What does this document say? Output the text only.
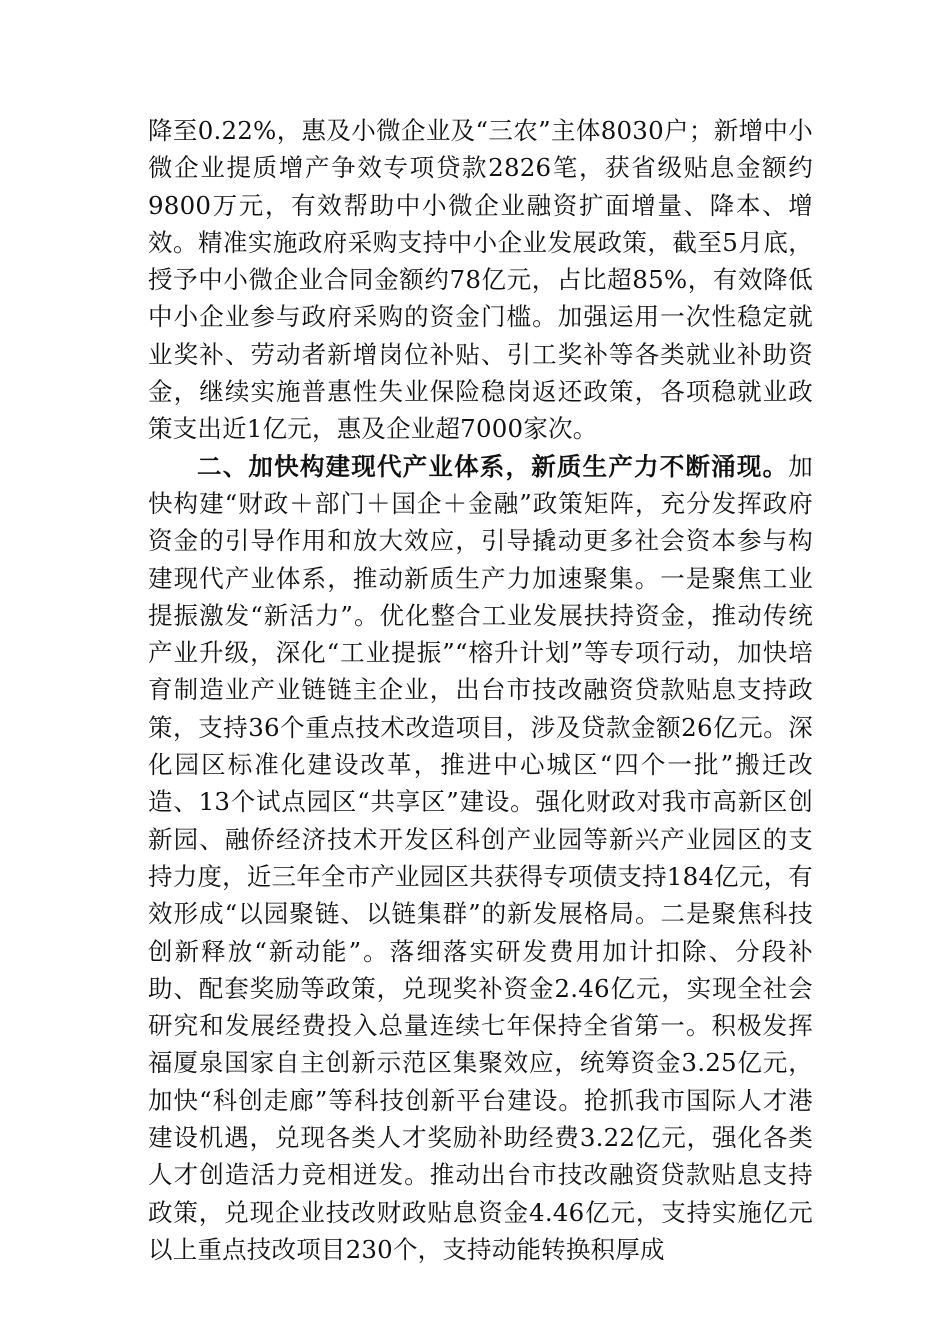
降至0.22%，惠及小微企业及“三农”主体8030户；新增中小微企业提质增产争效专项贷款2826笔，获省级贴息金额约9800万元，有效帮助中小微企业融资扩面增量、降本、增效。精准实施政府采购支持中小企业发展政策，截至5月底，授予中小微企业合同金额约78亿元，占比超85%，有效降低中小企业参与政府采购的资金门槛。加强运用一次性稳定就业奖补、劳动者新增岗位补贴、引工奖补等各类就业补助资金，继续实施普惠性失业保险稳岗返还政策，各项稳就业政策支出近1亿元，惠及企业超7000家次。

二、加快构建现代产业体系，新质生产力不断涌现。加快构建“财政＋部门＋国企＋金融”政策矩阵，充分发挥政府资金的引导作用和放大效应，引导撬动更多社会资本参与构建现代产业体系，推动新质生产力加速聚集。一是聚焦工业提振激发“新活力”。优化整合工业发展扶持资金，推动传统产业升级，深化“工业提振”“榕升计划”等专项行动，加快培育制造业产业链链主企业，出台市技改融资贷款贴息支持政策，支持36个重点技术改造项目，涉及贷款金额26亿元。深化园区标准化建设改革，推进中心城区“四个一批”搬迁改造、13个试点园区“共享区”建设。强化财政对我市高新区创新园、融侨经济技术开发区科创产业园等新兴产业园区的支持力度，近三年全市产业园区共获得专项债支持184亿元，有效形成“以园聚链、以链集群”的新发展格局。二是聚焦科技创新释放“新动能”。落细落实研发费用加计扣除、分段补助、配套奖励等政策，兑现奖补资金2.46亿元，实现全社会研究和发展经费投入总量连续七年保持全省第一。积极发挥福厦泉国家自主创新示范区集聚效应，统筹资金3.25亿元，加快“科创走廊”等科技创新平台建设。抢抓我市国际人才港建设机遇，兑现各类人才奖励补助经费3.22亿元，强化各类人才创造活力竞相迸发。推动出台市技改融资贷款贴息支持政策，兑现企业技改财政贴息资金4.46亿元，支持实施亿元以上重点技改项目230个，支持动能转换积厚成
